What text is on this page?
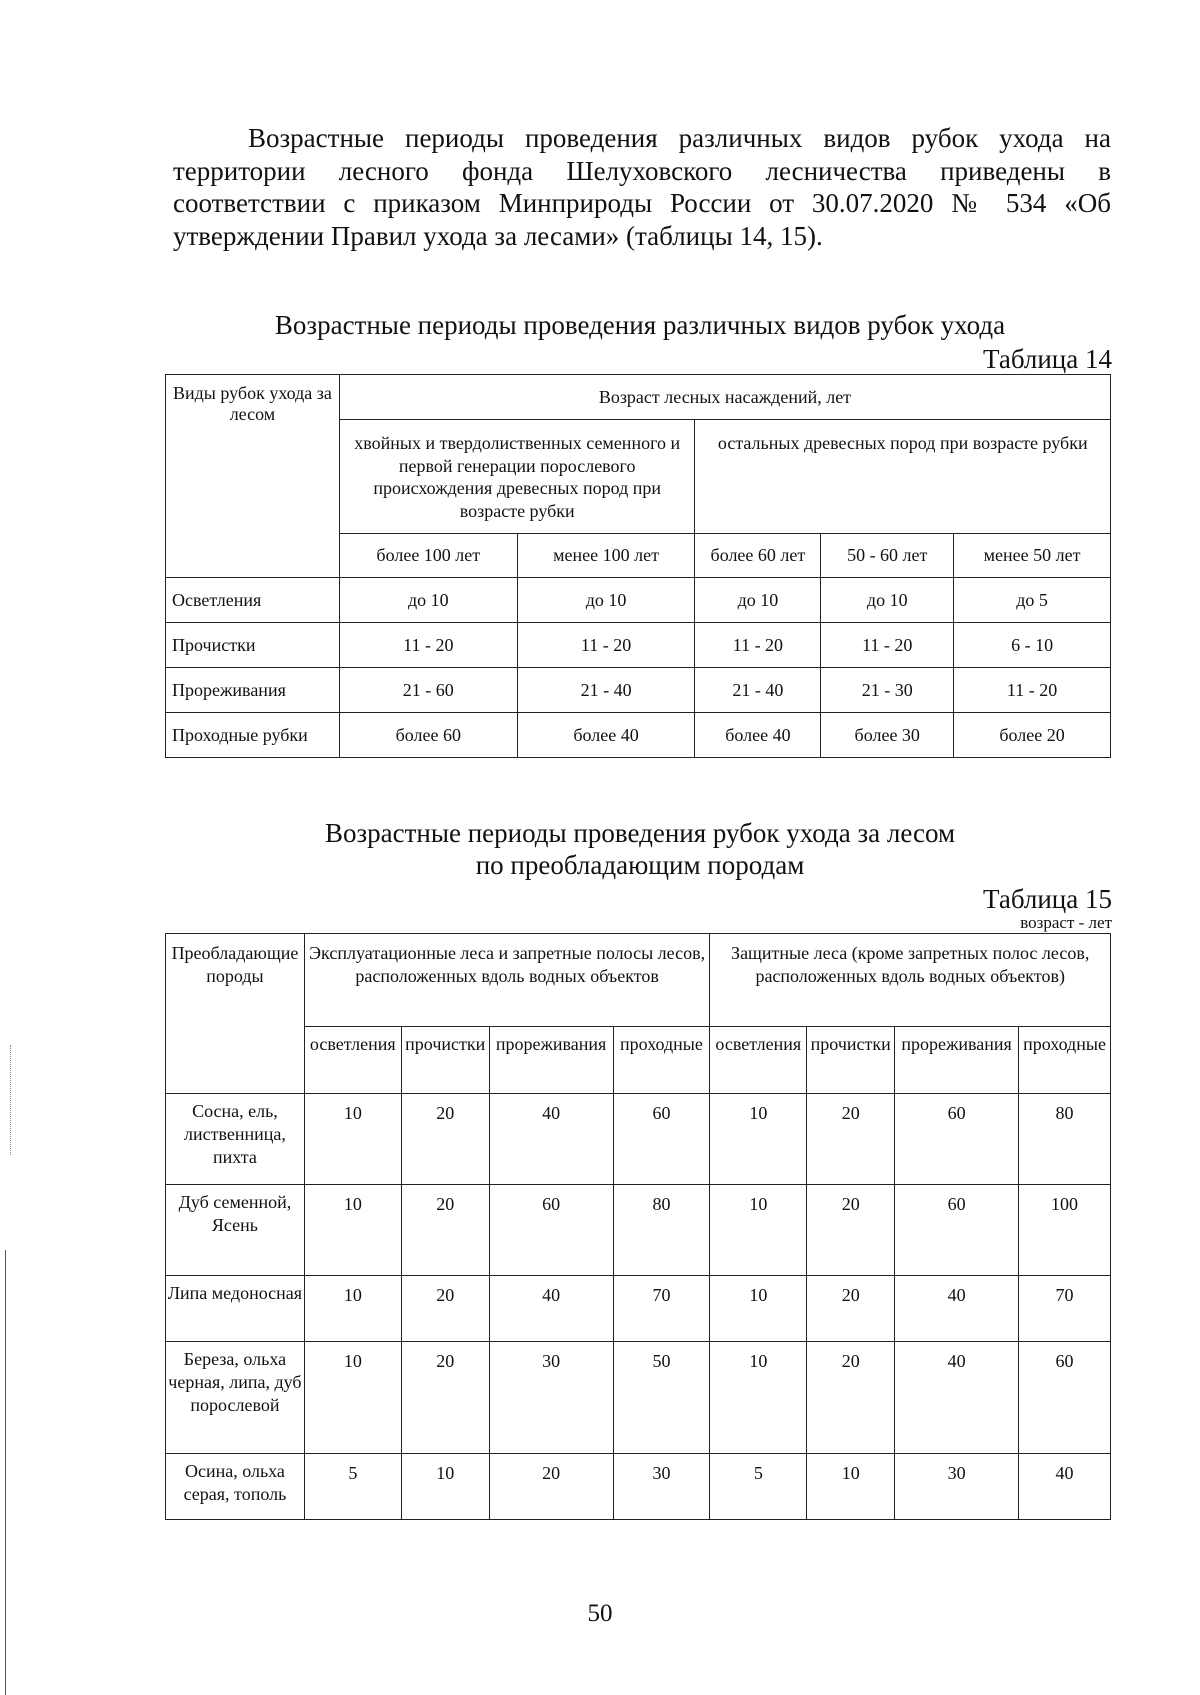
Возрастные периоды проведения различных видов рубок ухода на территории лесного фонда Шелуховского лесничества приведены в соответствии с приказом Минприроды России от 30.07.2020 № 534 «Об утверждении Правил ухода за лесами» (таблицы 14, 15).

Возрастные периоды проведения различных видов рубок ухода
Таблица 14
Виды рубок ухода за лесом	Возраст лесных насаждений, лет				
	хвойных и твердолиственных семенного и первой генерации порослевого происхождения древесных пород при возрасте рубки		остальных древесных пород при возрасте рубки		
	более 100 лет	менее 100 лет	более 60 лет	50 - 60 лет	менее 50 лет
Осветления	до 10	до 10	до 10	до 10	до 5
Прочистки	11 - 20	11 - 20	11 - 20	11 - 20	6 - 10
Прореживания	21 - 60	21 - 40	21 - 40	21 - 30	11 - 20
Проходные рубки	более 60	более 40	более 40	более 30	более 20
Возрастные периоды проведения рубок ухода за лесом
по преобладающим породам
Таблица 15
возраст - лет
Преобладающие породы	Эксплуатационные леса и запретные полосы лесов, расположенных вдоль водных объектов				Защитные леса (кроме запретных полос лесов, расположенных вдоль водных объектов)			
	осветления	прочистки	прореживания	проходные	осветления	прочистки	прореживания	проходные
Сосна, ель, лиственница, пихта	10	20	40	60	10	20	60	80
Дуб семенной, Ясень	10	20	60	80	10	20	60	100
Липа медоносная	10	20	40	70	10	20	40	70
Береза, ольха черная, липа, дуб порослевой	10	20	30	50	10	20	40	60
Осина, ольха серая, тополь	5	10	20	30	5	10	30	40
50
